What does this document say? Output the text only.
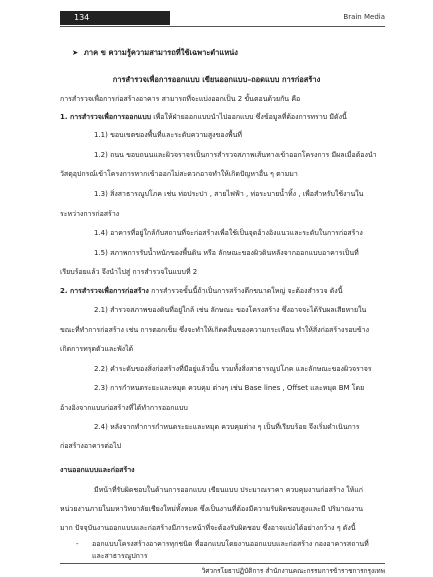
134	Brain Media
➤ ภาค ข ความรู้ความสามารถที่ใช้เฉพาะตำแหน่ง
การสำรวจเพื่อการออกแบบ เขียนออกแบบ–ถอดแบบ การก่อสร้าง
การสำรวจเพื่อการก่อสร้างอาคาร สามารถที่จะแบ่งออกเป็น 2 ขั้นตอนด้วยกัน คือ
1. การสำรวจเพื่อการออกแบบ เพื่อให้ฝ่ายออกแบบนำไปออกแบบ ซึ่งข้อมูลที่ต้องการทราบ มีดังนี้
1.1) ขอบเขตของพื้นที่และระดับความสูงของพื้นที่
1.2) ถนน ขอบถนนและผิวจราจรเป็นการสำรวจสภาพเส้นทางเข้าออกโครงการ มีผลเมื่อต้องนำ
วัสดุอุปกรณ์เข้าโครงการหากเข้าออกไม่สะดวกอาจทำให้เกิดปัญหาอื่น ๆ ตามมา
1.3) สิ่งสาธารณูปโภค เช่น ท่อประปา , สายไฟฟ้า , ท่อระบายน้ำทิ้ง , เพื่อสำหรับใช้งานใน
ระหว่างการก่อสร้าง
1.4) อาคารที่อยู่ใกล้กับสถานที่จะก่อสร้างเพื่อใช้เป็นจุดอ้างอิงแนวและระดับในการก่อสร้าง
1.5) สภาพการรับน้ำหนักของพื้นดิน หรือ ลักษณะของผิวดินหลังจากออกแบบอาคารเป็นที่
เรียบร้อยแล้ว จึงนำไปสู่ การสำรวจในแบบที่ 2
2. การสำรวจเพื่อการก่อสร้าง การสำรวจขั้นนี้ถ้าเป็นการสร้างตึกขนาดใหญ่ จะต้องสำรวจ ดังนี้
2.1) สำรวจสภาพของดินที่อยู่ใกล้ เช่น ลักษณะ ของโครงสร้าง ซึ่งอาจจะได้รับผลเสียหายใน
ขณะที่ทำการก่อสร้าง เช่น การตอกเข็ม ซึ่งจะทำให้เกิดคลื่นของความกระเทือน ทำให้สิ่งก่อสร้างรอบข้าง
เกิดการทรุดตัวและพังได้
2.2) คำระดับของสิ่งก่อสร้างที่มีอยู่แล้วนั้น รวมทั้งสิ่งสาธารณูปโภค และลักษณะของผิวจราจร
2.3) การกำหนดระยะและหมุด ควบคุม ต่างๆ เช่น Base lines , Offset และหมุด BM โดย
อ้างอิงจากแบบก่อสร้างที่ได้ทำการออกแบบ
2.4) หลังจากทำการกำหนดระยะและหมุด ควบคุมต่าง ๆ เป็นที่เรียบร้อย จึงเริ่มดำเนินการ
ก่อสร้างอาคารต่อไป
งานออกแบบและก่อสร้าง
มีหน้าที่รับผิดชอบในด้านการออกแบบ เขียนแบบ ประมาณราคา ควบคุมงานก่อสร้าง ให้แก่
หน่วยงานภายในมหาวิทยาลัยเชียงใหม่ทั้งหมด ซึ่งเป็นงานที่ต้องมีความรับผิดชอบสูงและมี ปริมาณงาน
มาก ปัจจุบันงานออกแบบและก่อสร้างมีภาระหน้าที่จะต้องรับผิดชอบ ซึ่งอาจแบ่งได้อย่างกว้าง ๆ ดังนี้
- ออกแบบโครงสร้างอาคารทุกชนิด ที่ออกแบบโดยงานออกแบบและก่อสร้าง กองอาคารสถานที่
และสาธารณูปการ
วิศวกรโยธาปฏิบัติการ สำนักงานคณะกรรมการข้าราชการกรุงเทพ
